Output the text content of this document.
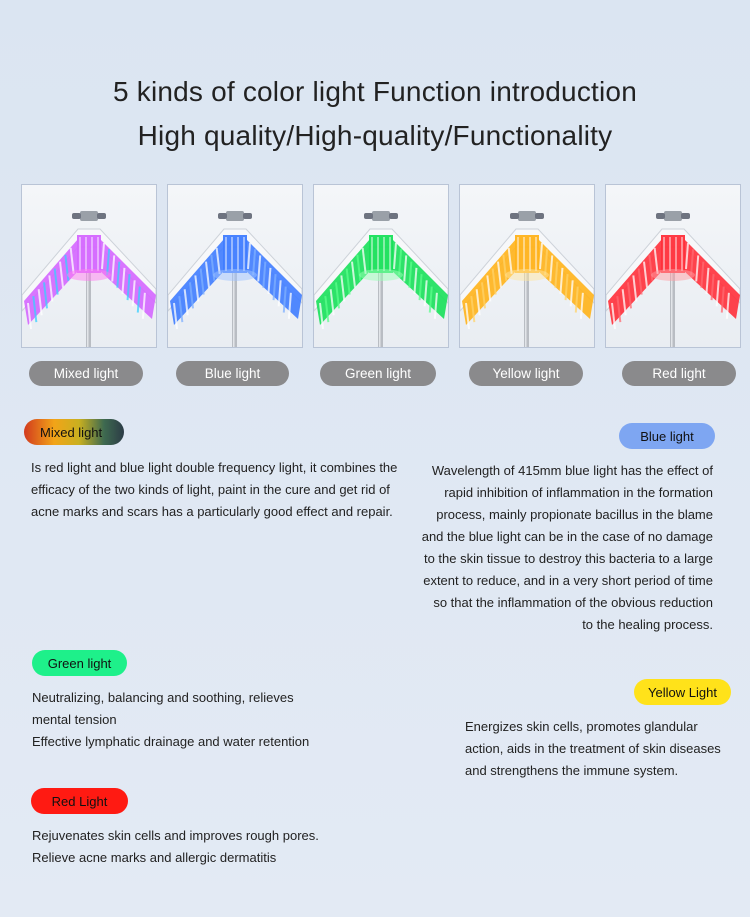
5 kinds of color light Function introduction
High quality/High-quality/Functionality
Mixed light	Blue light	Green light	Yellow light	Red light
Mixed light
Is red light and blue light double frequency light, it combines the efficacy of the two kinds of light, paint in the cure and get rid of acne marks and scars has a particularly good effect and repair.
Blue light
Wavelength of 415mm blue light has the effect of
rapid inhibition of inflammation in the formation
process, mainly propionate bacillus in the blame
and the blue light can be in the case of no damage
to the skin tissue to destroy this bacteria to a large
extent to reduce, and in a very short period of time
so that the inflammation of the obvious reduction
to the healing process.
Green light
Neutralizing, balancing and soothing, relieves
mental tension
Effective lymphatic drainage and water retention
Yellow Light
Energizes skin cells, promotes glandular
action, aids in the treatment of skin diseases
and strengthens the immune system.
Red Light
Rejuvenates skin cells and improves rough pores.
Relieve acne marks and allergic dermatitis
